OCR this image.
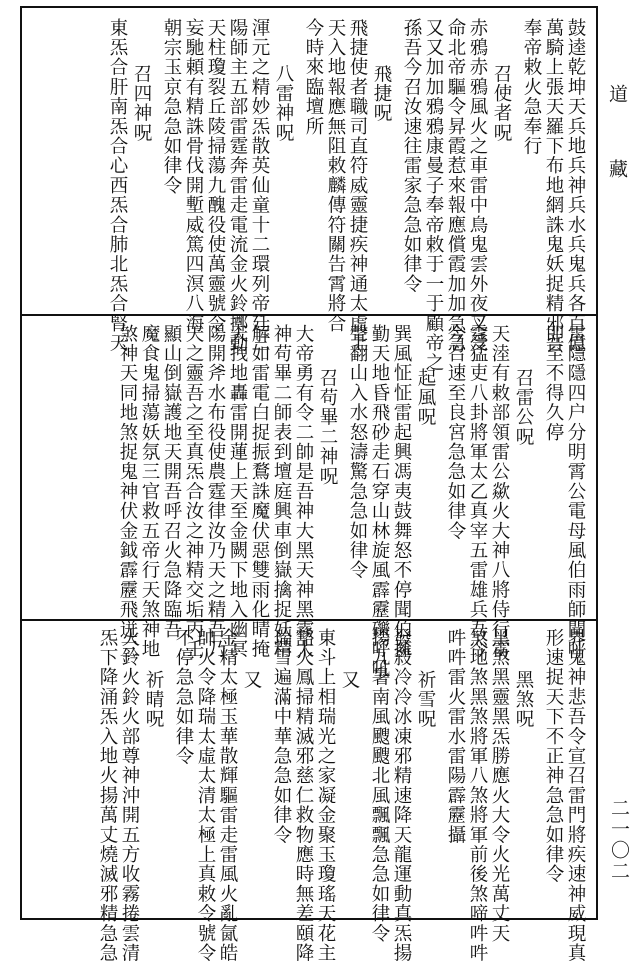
鼓逵乾坤天兵地兵神兵水兵鬼兵各百億
萬騎上張天羅下布地網誅鬼妖捉精邪吾
奉帝敕火急奉行
召使者呪
赤鴉赤鴉風火之車雷中鳥鬼雲外夜叉受
命北帝驅令昇霞惹來報應償霞加加急急
又又加加鴉鴉康曼子奉帝敕于一于顧帝之
孫吾今召汝速往雷家急急如律令
飛捷呪
飛捷使者職司直符威靈捷疾神通太虛上
天入地報應無阻敕麟傳符關告霄將合
今時來臨壇所
八雷神呪
渾元之精妙炁散英仙童十二環列帝廷三
陽師主五部雷霆奔雷走電流金火鈴擲動
天柱瓊裂丘陵掃蕩九醜役使萬靈號令
妄馳頼有精誅骨伐開塹威篤四溟八海
朝宗玉京急急如律令
召四神呪
東炁合肝南炁合心西炁合肺北炁合腎天
雷隱隱四户分明霄公電母風伯雨師聞呼
即至不得久停
召雷公呪
天淕有敕部領雷公歘火大神八將侍行雷
霆猛吏八卦將軍太乙真宰五雷雄兵吾今
今召速至良宮急急如律令
起風呪
巽風怔怔雷起興馮夷鼓舞怒不停聞伯擁
勤天地昏飛砂走石穿山林旋風霹靂礫呼吼
聲翻山入水怒濤驚急急如律令
召苟畢二神呪
大帝勇有令二帥是吾神大黑天神黑霧大
神苟畢二師表到壇庭興車倒嶽擒捉妖精
解如雷電白捉振鶩誅魔伏惡雙雨化晴掩
天拽地轟雷開蓮上天至金闕下地入幽冥
陽開斧水布役使農霆律汝乃天之精吾乃
天之靈吾之至真炁合汝之神精交垢丙壬
顯山倒嶽護地天開吾呼召火急降臨吾
魔食鬼掃蕩妖氛三官救五帝行天煞神地
煞神天同地煞捉鬼神伏金鉞霹靂飛迸三
界鬼神悲吾令宣召雷門將疾速神威現真
形速捉天下不正神急急如律令
黑煞呪
黑煞黑靈黑炁勝應火大令火光萬丈天
煞地煞黑煞將軍八煞將軍前後煞啼吽吽
吽吽雷火雷水雷陽霹靂攝
祈雪呪
發殺冷冷冰凍邪精速降天龍運動真炁揚
揚九暑南風颼颼北風飄飄急急如律令
又
東斗上相瑞光之家凝金聚玉瓊瑤天花主
豁火鳳掃精滅邪慈仁救物應時無差頤降
瑞雪遍滿中華急急如律令
又
金精太極玉華散輝驅雷走雷風火亂氤皓
帥火令降瑞太虛太清太極上真敕令號令
不停急急如律令
祈晴呪
火鈴火鈴火部尊神沖開五方收霧捲雲清
炁下降涌炁入地火揚萬丈燒滅邪精急急
道　　藏
二一〇二
